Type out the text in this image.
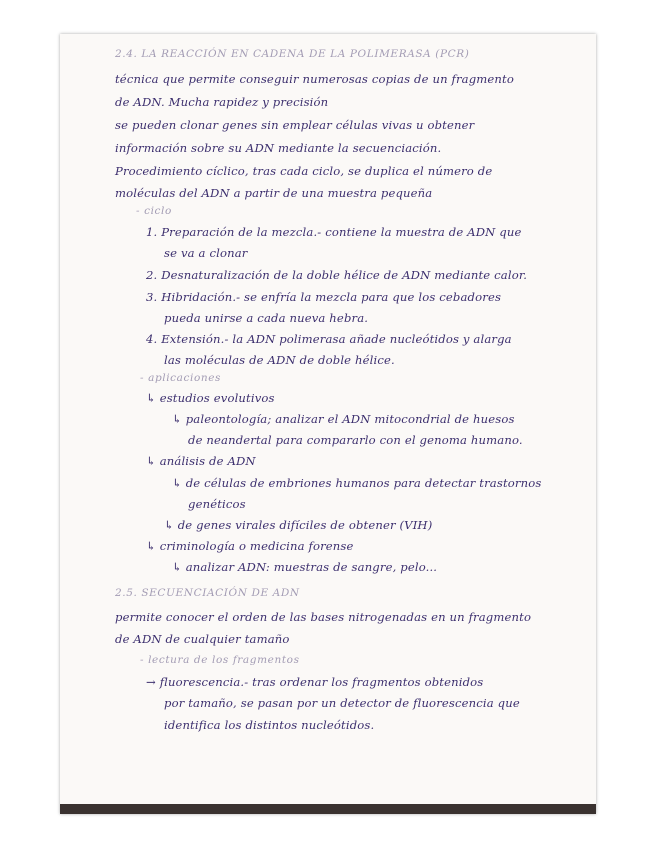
2.4. LA REACCIÓN EN CADENA DE LA POLIMERASA (PCR)
técnica que permite conseguir numerosas copias de un fragmento
de ADN. Mucha rapidez y precisión
se pueden clonar genes sin emplear células vivas u obtener
información sobre su ADN mediante la secuenciación.
Procedimiento cíclico, tras cada ciclo, se duplica el número de
moléculas del ADN a partir de una muestra pequeña
- ciclo
1. Preparación de la mezcla.- contiene la muestra de ADN que
se va a clonar
2. Desnaturalización de la doble hélice de ADN mediante calor.
3. Hibridación.- se enfría la mezcla para que los cebadores
pueda unirse a cada nueva hebra.
4. Extensión.- la ADN polimerasa añade nucleótidos y alarga
las moléculas de ADN de doble hélice.
- aplicaciones
↳ estudios evolutivos
↳ paleontología; analizar el ADN mitocondrial de huesos
de neandertal para compararlo con el genoma humano.
↳ análisis de ADN
↳ de células de embriones humanos para detectar trastornos
genéticos
↳ de genes virales difíciles de obtener (VIH)
↳ criminología o medicina forense
↳ analizar ADN: muestras de sangre, pelo...
2.5. SECUENCIACIÓN DE ADN
permite conocer el orden de las bases nitrogenadas en un fragmento
de ADN de cualquier tamaño
- lectura de los fragmentos
→ fluorescencia.- tras ordenar los fragmentos obtenidos
por tamaño, se pasan por un detector de fluorescencia que
identifica los distintos nucleótidos.
